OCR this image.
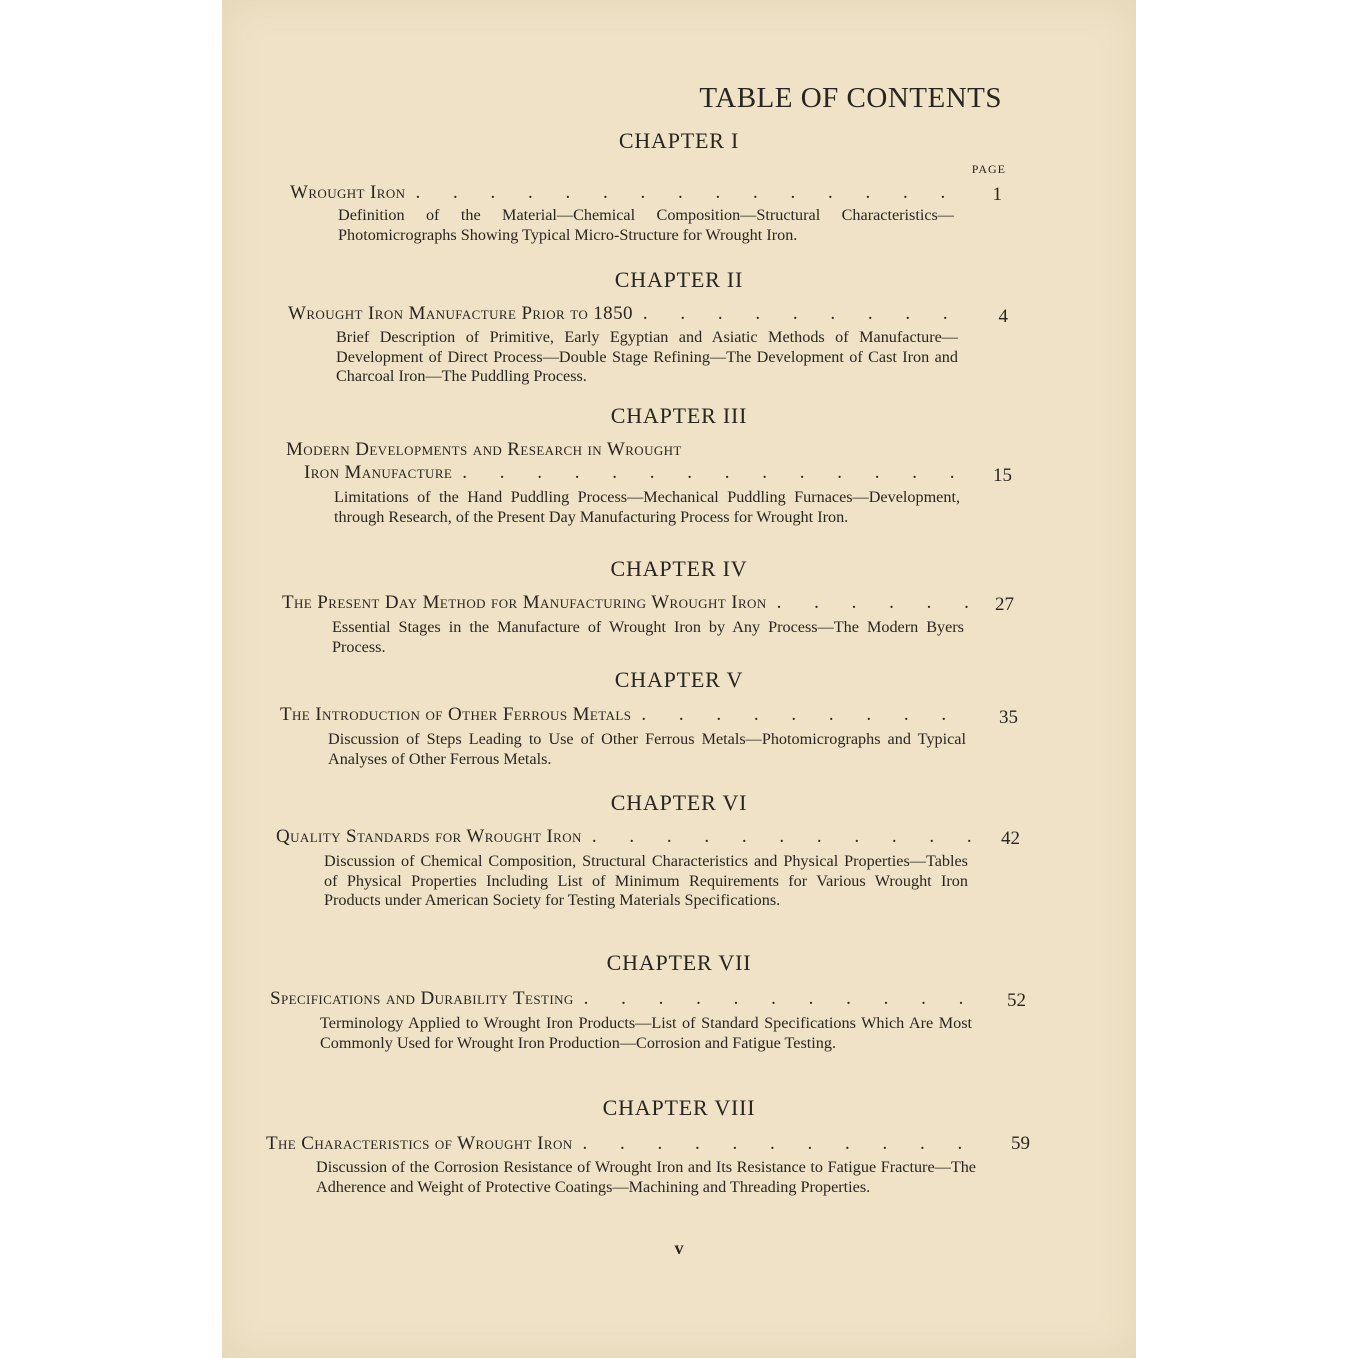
TABLE OF CONTENTS
CHAPTER I
PAGE
Wrought Iron . . .	1
Definition of the Material—Chemical Composition—Structural Characteristics—Photomicrographs Showing Typical Micro-Structure for Wrought Iron.
CHAPTER II
Wrought Iron Manufacture Prior to 1850 . . .	4
Brief Description of Primitive, Early Egyptian and Asiatic Methods of Manufacture—Development of Direct Process—Double Stage Refining—The Development of Cast Iron and Charcoal Iron—The Puddling Process.
CHAPTER III
Modern Developments and Research in Wrought
Iron Manufacture . . .	15
Limitations of the Hand Puddling Process—Mechanical Puddling Furnaces—Development, through Research, of the Present Day Manufacturing Process for Wrought Iron.
CHAPTER IV
The Present Day Method for Manufacturing Wrought Iron . . .	27
Essential Stages in the Manufacture of Wrought Iron by Any Process—The Modern Byers Process.
CHAPTER V
The Introduction of Other Ferrous Metals . . .	35
Discussion of Steps Leading to Use of Other Ferrous Metals—Photomicrographs and Typical Analyses of Other Ferrous Metals.
CHAPTER VI
Quality Standards for Wrought Iron . . .	42
Discussion of Chemical Composition, Structural Characteristics and Physical Properties—Tables of Physical Properties Including List of Minimum Requirements for Various Wrought Iron Products under American Society for Testing Materials Specifications.
CHAPTER VII
Specifications and Durability Testing . . .	52
Terminology Applied to Wrought Iron Products—List of Standard Specifications Which Are Most Commonly Used for Wrought Iron Production—Corrosion and Fatigue Testing.
CHAPTER VIII
The Characteristics of Wrought Iron . . .	59
Discussion of the Corrosion Resistance of Wrought Iron and Its Resistance to Fatigue Fracture—The Adherence and Weight of Protective Coatings—Machining and Threading Properties.
v
